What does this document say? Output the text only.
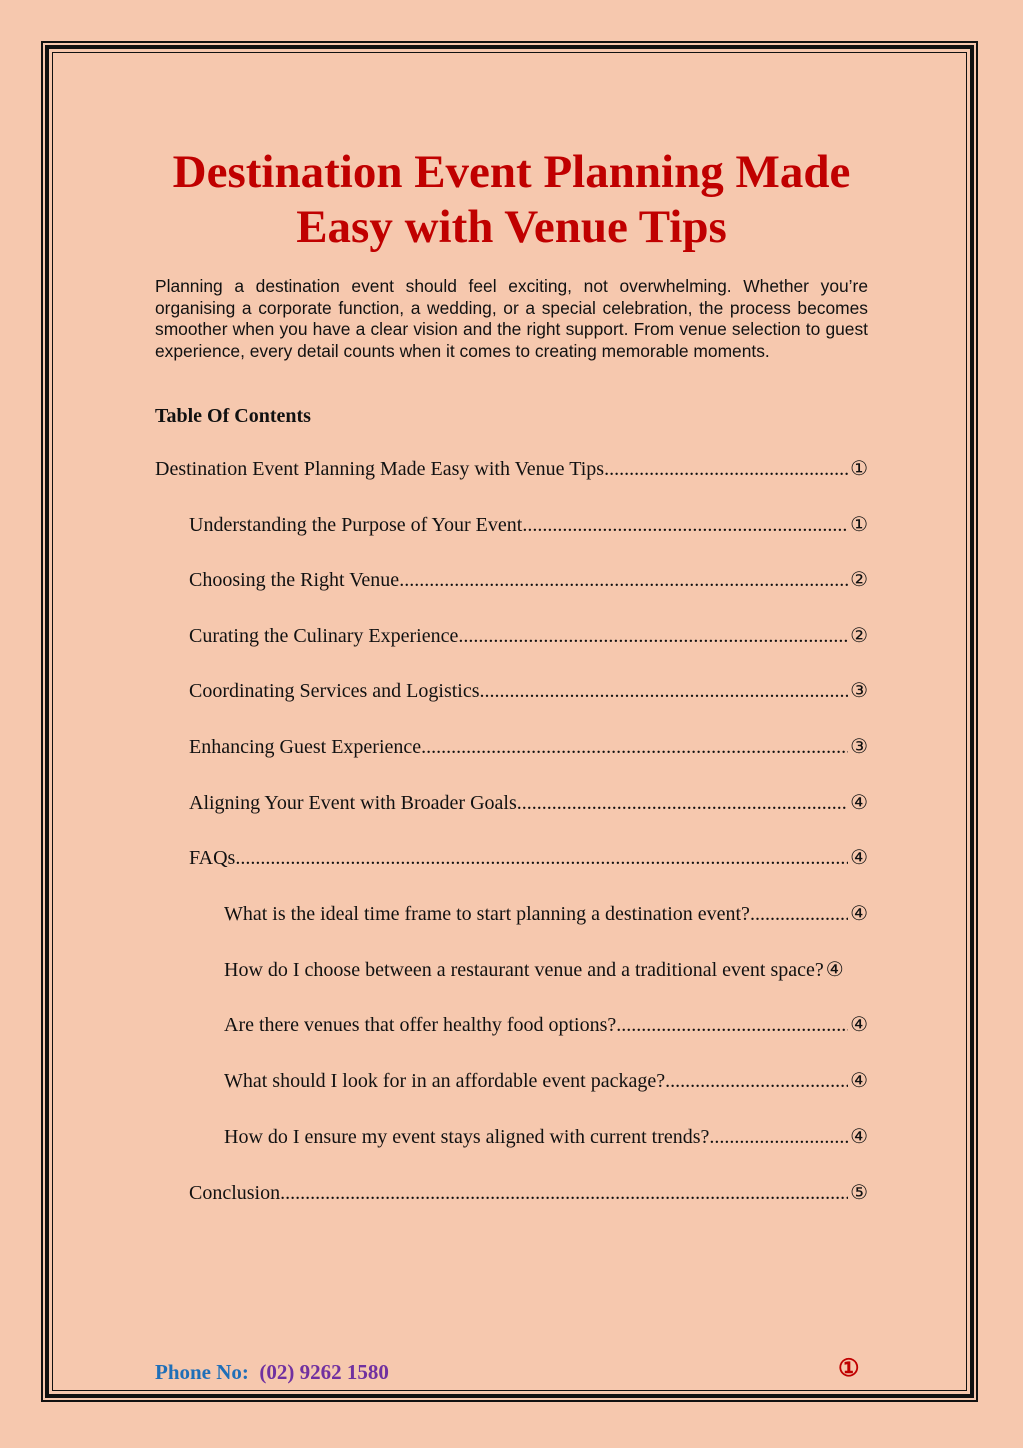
Destination Event Planning Made
Easy with Venue Tips

Planning a destination event should feel exciting, not overwhelming. Whether you’re organising a corporate function, a wedding, or a special celebration, the process becomes smoother when you have a clear vision and the right support. From venue selection to guest experience, every detail counts when it comes to creating memorable moments.

Table Of Contents
Destination Event Planning Made Easy with Venue Tips .....	①
Understanding the Purpose of Your Event .....	①
Choosing the Right Venue .....	②
Curating the Culinary Experience .....	②
Coordinating Services and Logistics .....	③
Enhancing Guest Experience .....	③
Aligning Your Event with Broader Goals .....	④
FAQs .....	④
What is the ideal time frame to start planning a destination event? .....	④
How do I choose between a restaurant venue and a traditional event space? ④
Are there venues that offer healthy food options? .....	④
What should I look for in an affordable event package? .....	④
How do I ensure my event stays aligned with current trends? .....	④
Conclusion .....	⑤
Phone No: (02) 9262 1580	①
